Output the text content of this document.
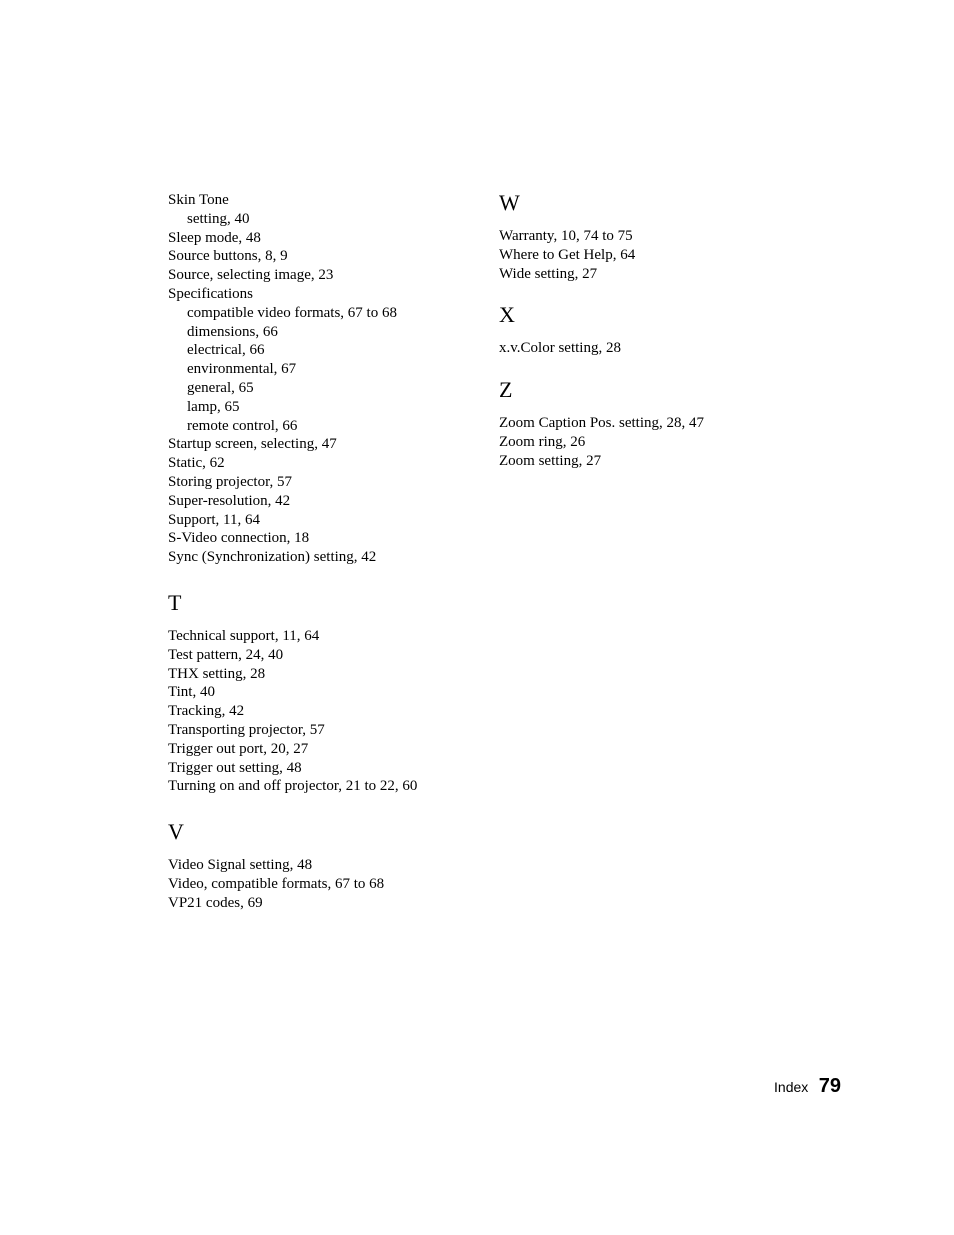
Skin Tone
setting, 40
Sleep mode, 48
Source buttons, 8, 9
Source, selecting image, 23
Specifications
compatible video formats, 67 to 68
dimensions, 66
electrical, 66
environmental, 67
general, 65
lamp, 65
remote control, 66
Startup screen, selecting, 47
Static, 62
Storing projector, 57
Super-resolution, 42
Support, 11, 64
S-Video connection, 18
Sync (Synchronization) setting, 42
T
Technical support, 11, 64
Test pattern, 24, 40
THX setting, 28
Tint, 40
Tracking, 42
Transporting projector, 57
Trigger out port, 20, 27
Trigger out setting, 48
Turning on and off projector, 21 to 22, 60
V
Video Signal setting, 48
Video, compatible formats, 67 to 68
VP21 codes, 69
W
Warranty, 10, 74 to 75
Where to Get Help, 64
Wide setting, 27
X
x.v.Color setting, 28
Z
Zoom Caption Pos. setting, 28, 47
Zoom ring, 26
Zoom setting, 27
Index 79
